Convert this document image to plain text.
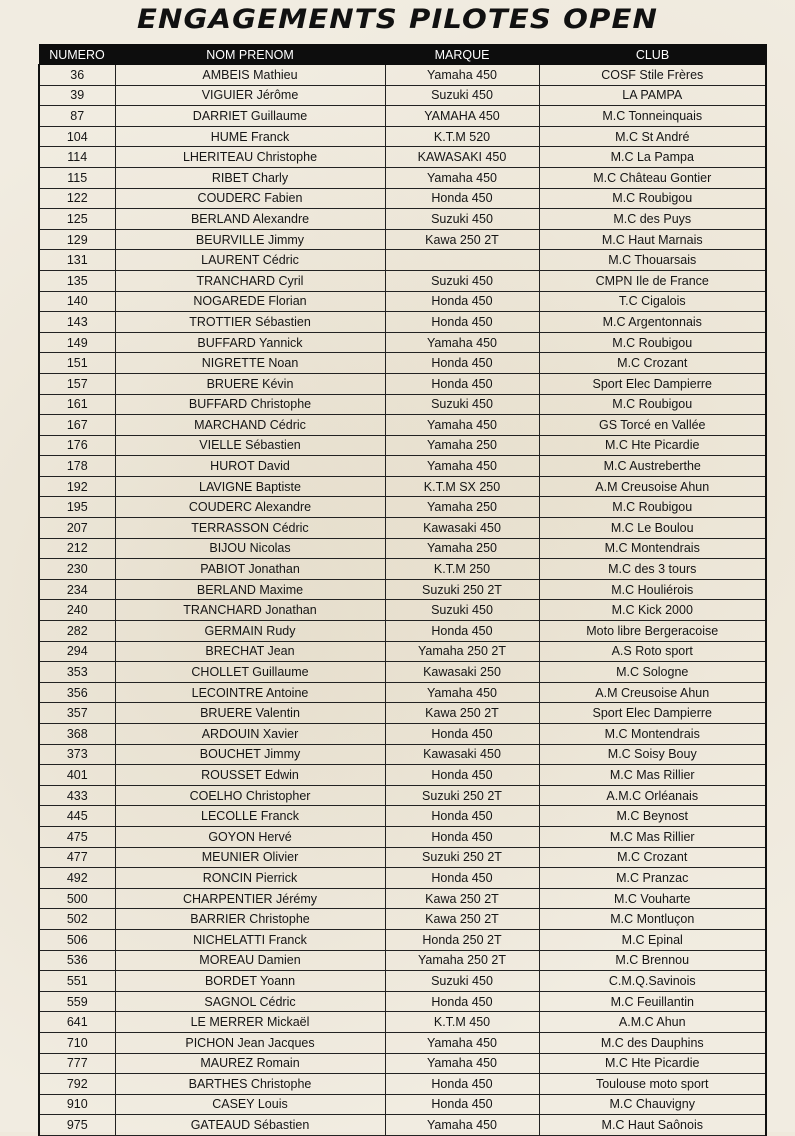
ENGAGEMENTS PILOTES OPEN
NUMERO	NOM PRENOM	MARQUE	CLUB
36	AMBEIS Mathieu	Yamaha 450	COSF Stile Frères
39	VIGUIER Jérôme	Suzuki 450	LA PAMPA
87	DARRIET Guillaume	YAMAHA 450	M.C Tonneinquais
104	HUME Franck	K.T.M 520	M.C St André
114	LHERITEAU Christophe	KAWASAKI 450	M.C La Pampa
115	RIBET Charly	Yamaha 450	M.C Château Gontier
122	COUDERC Fabien	Honda 450	M.C Roubigou
125	BERLAND Alexandre	Suzuki 450	M.C des Puys
129	BEURVILLE Jimmy	Kawa 250 2T	M.C Haut Marnais
131	LAURENT Cédric		M.C Thouarsais
135	TRANCHARD Cyril	Suzuki 450	CMPN Ile de France
140	NOGAREDE Florian	Honda 450	T.C Cigalois
143	TROTTIER Sébastien	Honda 450	M.C Argentonnais
149	BUFFARD Yannick	Yamaha 450	M.C Roubigou
151	NIGRETTE Noan	Honda 450	M.C Crozant
157	BRUERE Kévin	Honda 450	Sport Elec Dampierre
161	BUFFARD Christophe	Suzuki 450	M.C Roubigou
167	MARCHAND Cédric	Yamaha 450	GS Torcé en Vallée
176	VIELLE Sébastien	Yamaha 250	M.C Hte Picardie
178	HUROT David	Yamaha 450	M.C Austreberthe
192	LAVIGNE Baptiste	K.T.M SX 250	A.M Creusoise Ahun
195	COUDERC Alexandre	Yamaha 250	M.C Roubigou
207	TERRASSON Cédric	Kawasaki 450	M.C Le Boulou
212	BIJOU Nicolas	Yamaha 250	M.C Montendrais
230	PABIOT Jonathan	K.T.M 250	M.C des 3 tours
234	BERLAND Maxime	Suzuki 250 2T	M.C Houliérois
240	TRANCHARD Jonathan	Suzuki 450	M.C Kick 2000
282	GERMAIN Rudy	Honda 450	Moto libre Bergeracoise
294	BRECHAT Jean	Yamaha 250 2T	A.S Roto sport
353	CHOLLET Guillaume	Kawasaki 250	M.C Sologne
356	LECOINTRE Antoine	Yamaha 450	A.M Creusoise Ahun
357	BRUERE Valentin	Kawa 250 2T	Sport Elec Dampierre
368	ARDOUIN Xavier	Honda 450	M.C Montendrais
373	BOUCHET Jimmy	Kawasaki 450	M.C Soisy Bouy
401	ROUSSET Edwin	Honda 450	M.C Mas Rillier
433	COELHO Christopher	Suzuki 250 2T	A.M.C Orléanais
445	LECOLLE Franck	Honda 450	M.C Beynost
475	GOYON Hervé	Honda 450	M.C Mas Rillier
477	MEUNIER Olivier	Suzuki 250 2T	M.C Crozant
492	RONCIN Pierrick	Honda 450	M.C Pranzac
500	CHARPENTIER Jérémy	Kawa 250 2T	M.C Vouharte
502	BARRIER Christophe	Kawa 250 2T	M.C Montluçon
506	NICHELATTI Franck	Honda 250 2T	M.C Epinal
536	MOREAU Damien	Yamaha 250 2T	M.C Brennou
551	BORDET Yoann	Suzuki 450	C.M.Q.Savinois
559	SAGNOL Cédric	Honda 450	M.C Feuillantin
641	LE MERRER Mickaël	K.T.M 450	A.M.C Ahun
710	PICHON Jean Jacques	Yamaha 450	M.C des Dauphins
777	MAUREZ Romain	Yamaha 450	M.C Hte Picardie
792	BARTHES Christophe	Honda 450	Toulouse moto sport
910	CASEY Louis	Honda 450	M.C Chauvigny
975	GATEAUD Sébastien	Yamaha 450	M.C Haut Saônois
